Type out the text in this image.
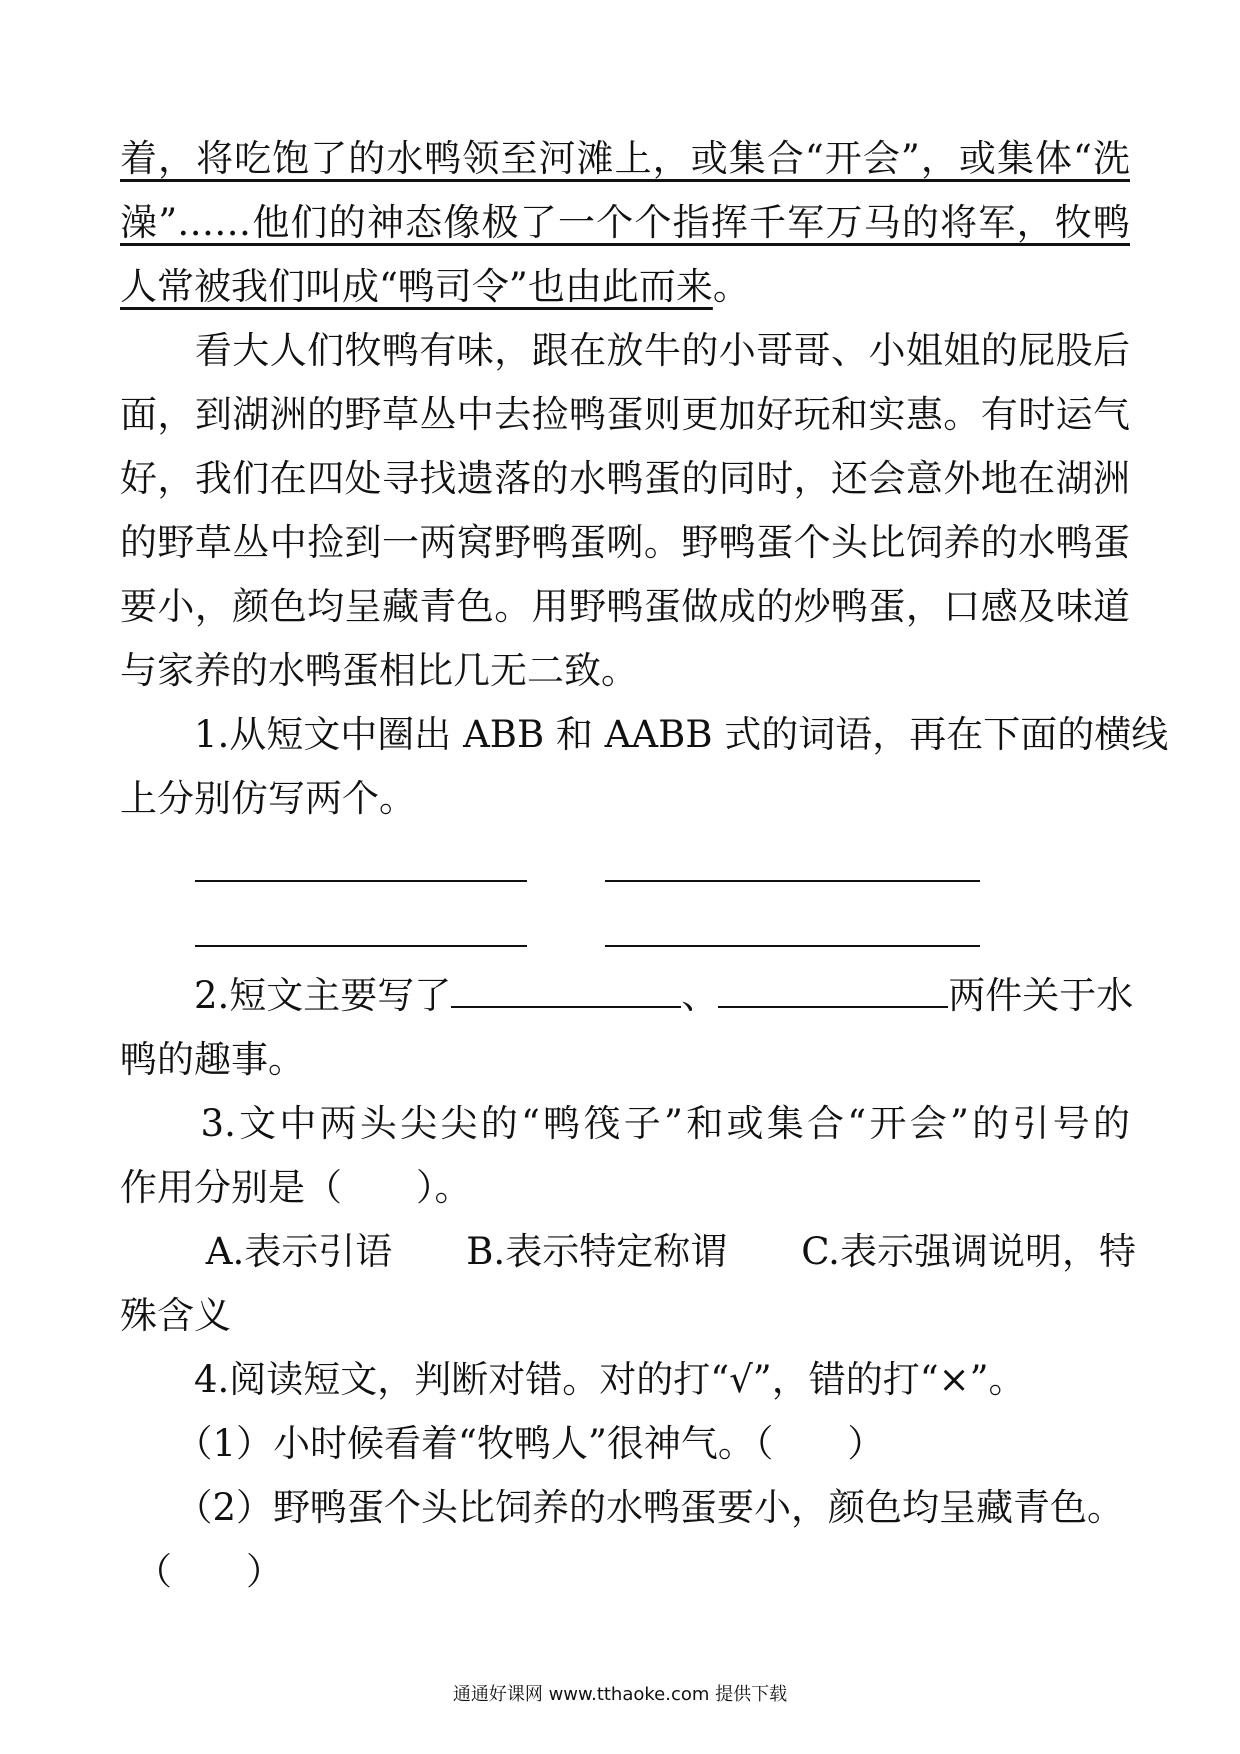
着，将吃饱了的水鸭领至河滩上，或集合“开会”，或集体“洗
澡”……他们的神态像极了一个个指挥千军万马的将军，牧鸭
人常被我们叫成“鸭司令”也由此而来。
　　看大人们牧鸭有味，跟在放牛的小哥哥、小姐姐的屁股后
面，到湖洲的野草丛中去捡鸭蛋则更加好玩和实惠。有时运气
好，我们在四处寻找遗落的水鸭蛋的同时，还会意外地在湖洲
的野草丛中捡到一两窝野鸭蛋咧。野鸭蛋个头比饲养的水鸭蛋
要小，颜色均呈藏青色。用野鸭蛋做成的炒鸭蛋，口感及味道
与家养的水鸭蛋相比几无二致。
　　1.从短文中圈出 ABB 和 AABB 式的词语，再在下面的横线
上分别仿写两个。
　　2.短文主要写了	、	两件关于水
鸭的趣事。
　　3.文中两头尖尖的“鸭筏子”和或集合“开会”的引号的
作用分别是（　　）。
　　 A.表示引语　　B.表示特定称谓　　C.表示强调说明，特
殊含义
　　4.阅读短文，判断对错。对的打“√”，错的打“×”。
　　（1）小时候看着“牧鸭人”很神气。（　　）
　　（2）野鸭蛋个头比饲养的水鸭蛋要小，颜色均呈藏青色。
（　　）
通通好课网 www.tthaoke.com 提供下载
